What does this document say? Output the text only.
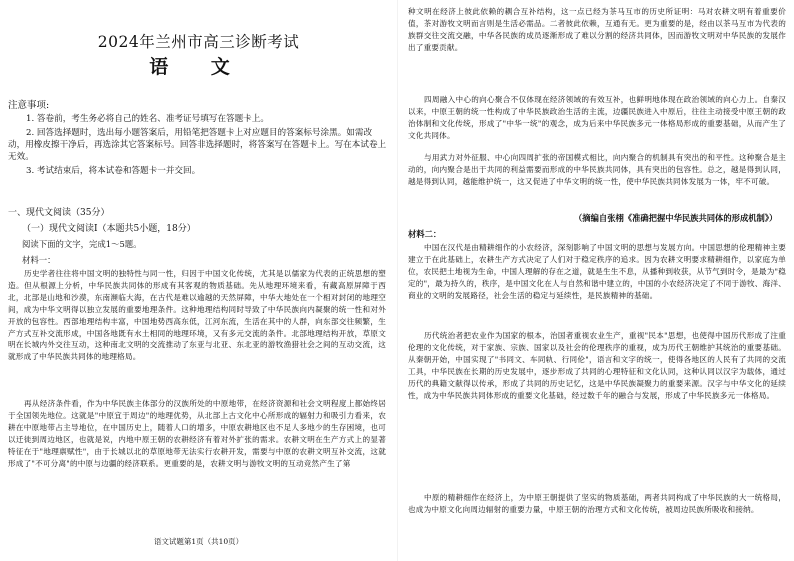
2024年兰州市高三诊断考试
语 文
注意事项:
1. 答卷前，考生务必将自己的姓名、准考证号填写在答题卡上。
2. 回答选择题时，选出每小题答案后，用铅笔把答题卡上对应题目的答案标号涂黑。如需改动，用橡皮擦干净后，再选涂其它答案标号。回答非选择题时，将答案写在答题卡上。写在本试卷上无效。
3. 考试结束后，将本试卷和答题卡一并交回。
一、现代文阅读（35分）
（一）现代文阅读Ⅰ（本题共5小题，18分）
阅读下面的文字，完成1～5题。
材料一：
历史学者往往将中国文明的独特性与同一性，归因于中国文化传统，尤其是以儒家为代表的正统思想的塑造。但从根源上分析，中华民族共同体的形成有其客观的物质基础。先从地理环境来看，有藏高原屏障于西北，北部是山地和沙漠，东南濒临大海，在古代是难以逾越的天然屏障，中华大地处在一个相对封闭的地理空间，成为中华文明得以独立发展的重要地理条件。这种地理结构同时导致了中华民族向内凝聚的统一性和对外开放的包容性。西部地理结构丰富，中国地势西高东低，江河东流，生活在其中的人群，向东部交往频繁，生产方式互补交流形成，中国各地既有水土相同的地理环境，又有多元交流的条件。北部地理结构开放，草原文明在长城内外交往互动，这种南北文明的交流推动了东亚与北亚、东北亚的游牧渔猎社会之间的互动交流，这就形成了中华民族共同体的地理格局。
再从经济条件看，作为中华民族主体部分的汉族所处的中原地带，在经济资源和社会文明程度上都始终居于全国领先地位。这就是"中原宜于周边"的地理优势，从北部上古文化中心所形成的辐射力和吸引力看来，农耕在中原地带占主导地位，在中国历史上，随着人口的增多，中原农耕地区也不足人多地少的生存困境，也可以迁徙到周边地区，也就是说，内地中原王朝的农耕经济有着对外扩张的需求。农耕文明在生产方式上的显著特征在于"地理禀赋性"，由于长城以北的草原地带无法实行农耕开发，需要与中原的农耕文明互补交流，这就形成了"不可分离"的中原与边疆的经济联系。更重要的是，农耕文明与游牧文明的互动竞然产生了第
语文试题第1页（共10页）
种文明在经济上彼此依赖的耦合互补结构，这一点已经为茶马互市的历史所证明：马对农耕文明有着重要价值，茶对游牧文明而言则是生活必需品。二者彼此依赖，互通有无。更为重要的是，经由以茶马互市为代表的族群交往交流交融，中华各民族的成员逐渐形成了难以分割的经济共同体，因而游牧文明对中华民族的发展作出了重要贡献。
四周融入中心的向心聚合不仅体现在经济领域的有效互补，也鲜明地体现在政治领域的向心力上。自秦汉以来，中原王朝的统一性构成了中华民族政治生活的主流，边疆民族进入中原后，往往主动接受中原王朝的政治体制和文化传统，形成了"中华一统"的观念，成为后来中华民族多元一体格局形成的重要基础，从而产生了文化共同体。
与用武力对外征服、中心向四周扩张的帝国模式相比，向内聚合的机制具有突出的和平性。这种聚合是主动的，向内聚合是出于共同的利益需要而形成的中华民族共同体，具有突出的包容性。总之，越是得到认同，越是得到认同，越能维护统一，这又促进了中华文明的统一性，使中华民族共同体发展为一体，牢不可破。
（摘编自张栩《准确把握中华民族共同体的形成机制》）
材料二：
中国在汉代是由精耕细作的小农经济，深刻影响了中国文明的思想与发展方向。中国思想的伦理精神主要建立于在此基础上，农耕生产方式决定了人们对于稳定秩序的追求。因为农耕文明要求精耕细作，以家庭为单位，农民把土地视为生命，中国人理解的存在之道，就是生生不息，从播种到收获，从节气到时令，是最为"稳定的"，最为持久的，秩序，是中国文化在人与自然和谐中建立的，中国的小农经济决定了不同于游牧、海洋、商业的文明的发展路径，社会生活的稳定与延续性，是民族精神的基础。
历代统治者把农业作为国家的根本，治国者重视农业生产，重视"民本"思想，也使得中国历代形成了注重伦理的文化传统，对于家族、宗族、国家以及社会的伦理秩序的重视，成为历代王朝维护其统治的重要基础。从秦朝开始，中国实现了"书同文、车同轨、行同伦"，语言和文字的统一，使得各地区的人民有了共同的交流工具，中华民族在长期的历史发展中，逐步形成了共同的心理特征和文化认同，这种认同以汉字为载体，通过历代的典籍文献得以传承，形成了共同的历史记忆，这是中华民族凝聚力的重要来源。汉字与中华文化的延续性，成为中华民族共同体形成的重要文化基础，经过数千年的融合与发展，形成了中华民族多元一体格局。
中原的精耕细作在经济上，为中原王朝提供了坚实的物质基础，两者共同构成了中华民族的大一统格局，也成为中原文化向周边辐射的重要力量，中原王朝的治理方式和文化传统，被周边民族所吸收和接纳。
